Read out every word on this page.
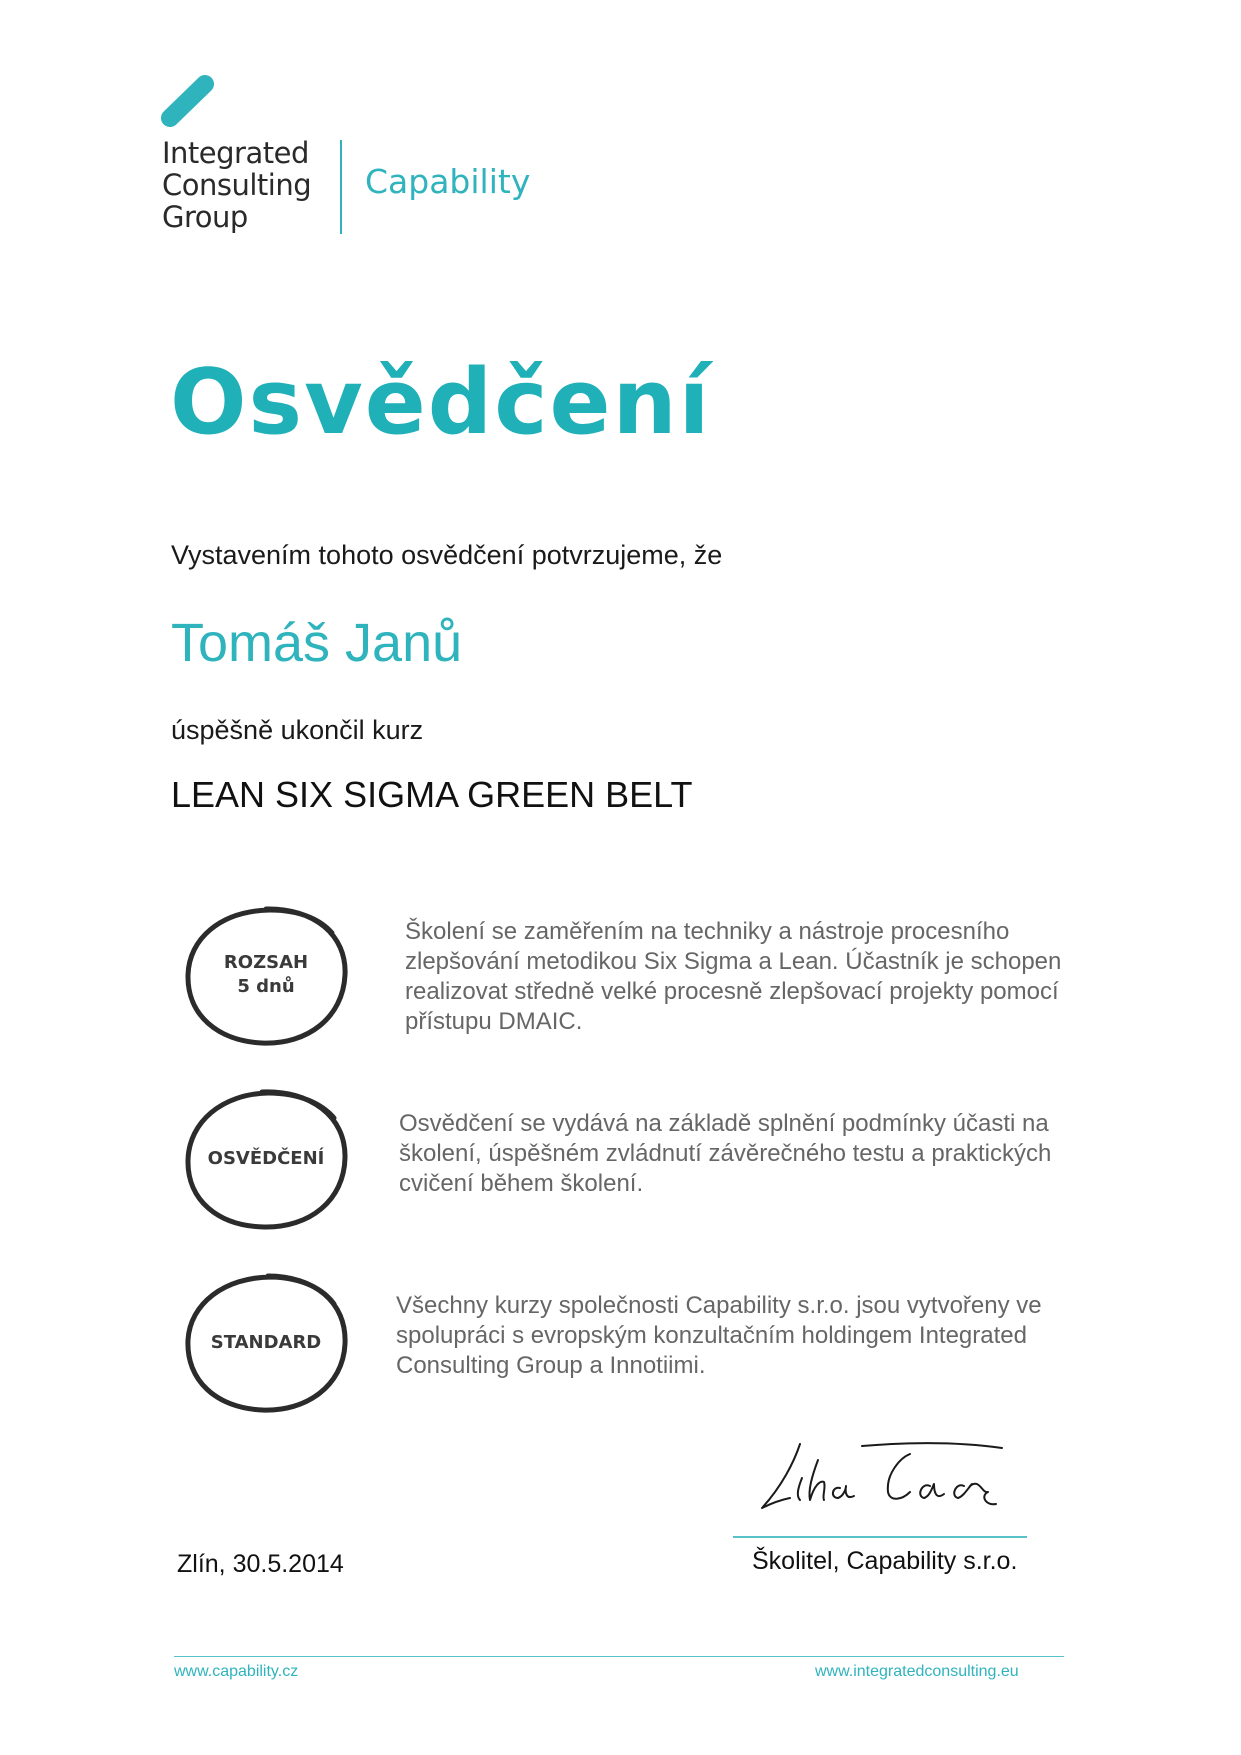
Integrated
Consulting
Group
Capability
Osvědčení
Vystavením tohoto osvědčení potvrzujeme, že
Tomáš Janů
úspěšně ukončil kurz
LEAN SIX SIGMA GREEN BELT
ROZSAH
5 dnů
Školení se zaměřením na techniky a nástroje procesního zlepšování metodikou Six Sigma a Lean. Účastník je schopen realizovat středně velké procesně zlepšovací projekty pomocí přístupu DMAIC.
OSVĚDČENÍ
Osvědčení se vydává na základě splnění podmínky účasti na školení, úspěšném zvládnutí závěrečného testu a praktických cvičení během školení.
STANDARD
Všechny kurzy společnosti Capability s.r.o. jsou vytvořeny ve spolupráci s evropským konzultačním holdingem Integrated Consulting Group a Innotiimi.
Školitel, Capability s.r.o.
Zlín, 30.5.2014
www.capability.cz	www.integratedconsulting.eu
